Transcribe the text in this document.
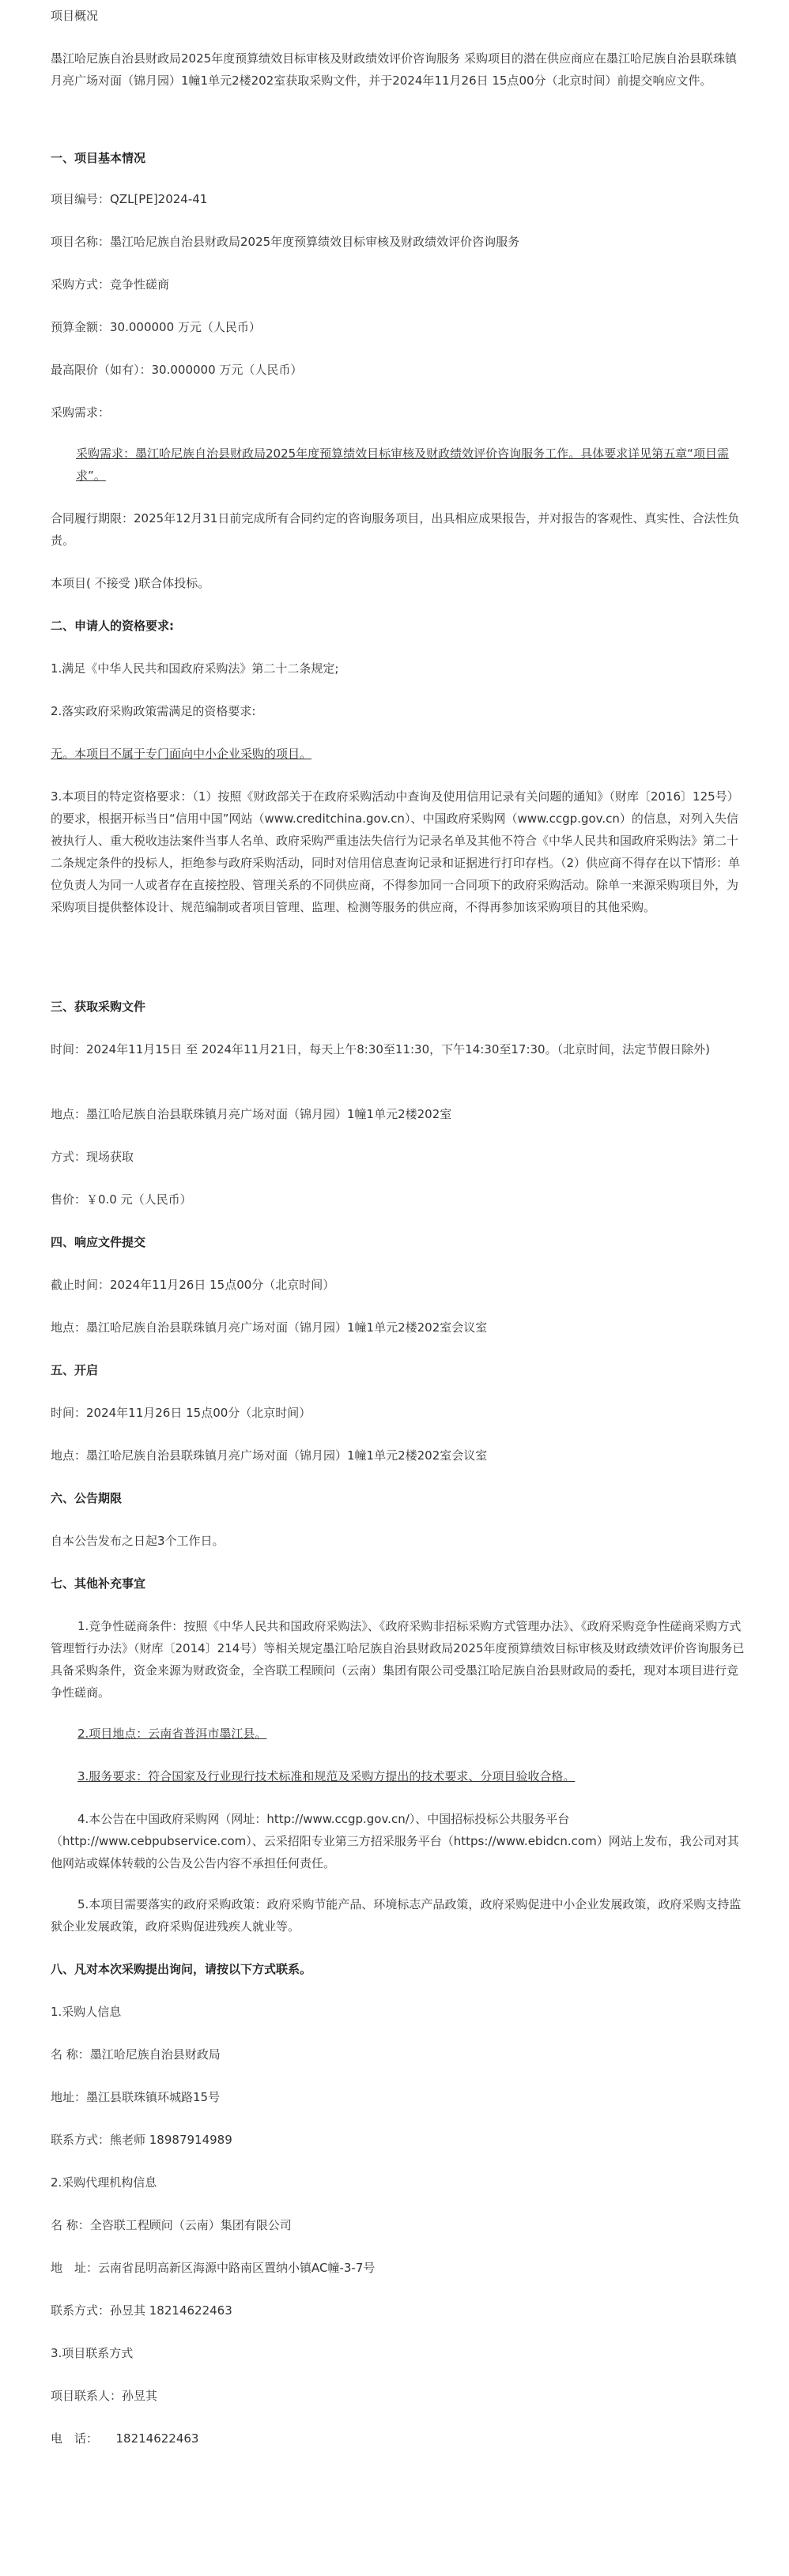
项目概况
墨江哈尼族自治县财政局2025年度预算绩效目标审核及财政绩效评价咨询服务 采购项目的潜在供应商应在墨江哈尼族自治县联珠镇月亮广场对面（锦月园）1幢1单元2楼202室获取采购文件，并于2024年11月26日 15点00分（北京时间）前提交响应文件。
一、项目基本情况
项目编号：QZL[PE]2024-41
项目名称：墨江哈尼族自治县财政局2025年度预算绩效目标审核及财政绩效评价咨询服务
采购方式：竞争性磋商
预算金额：30.000000 万元（人民币）
最高限价（如有）：30.000000 万元（人民币）
采购需求：
采购需求：墨江哈尼族自治县财政局2025年度预算绩效目标审核及财政绩效评价咨询服务工作。具体要求详见第五章“项目需求”。
合同履行期限：2025年12月31日前完成所有合同约定的咨询服务项目，出具相应成果报告，并对报告的客观性、真实性、合法性负责。
本项目( 不接受 )联合体投标。
二、申请人的资格要求:
1.满足《中华人民共和国政府采购法》第二十二条规定;
2.落实政府采购政策需满足的资格要求:
无。本项目不属于专门面向中小企业采购的项目。
3.本项目的特定资格要求：（1）按照《财政部关于在政府采购活动中查询及使用信用记录有关问题的通知》（财库〔2016〕125号）的要求，根据开标当日“信用中国”网站（www.creditchina.gov.cn）、中国政府采购网（www.ccgp.gov.cn）的信息，对列入失信被执行人、重大税收违法案件当事人名单、政府采购严重违法失信行为记录名单及其他不符合《中华人民共和国政府采购法》第二十二条规定条件的投标人，拒绝参与政府采购活动，同时对信用信息查询记录和证据进行打印存档。（2）供应商不得存在以下情形：单位负责人为同一人或者存在直接控股、管理关系的不同供应商，不得参加同一合同项下的政府采购活动。除单一来源采购项目外，为采购项目提供整体设计、规范编制或者项目管理、监理、检测等服务的供应商，不得再参加该采购项目的其他采购。
三、获取采购文件
时间：2024年11月15日 至 2024年11月21日，每天上午8:30至11:30，下午14:30至17:30。（北京时间，法定节假日除外)
地点：墨江哈尼族自治县联珠镇月亮广场对面（锦月园）1幢1单元2楼202室
方式：现场获取
售价：￥0.0 元（人民币）
四、响应文件提交
截止时间：2024年11月26日 15点00分（北京时间）
地点：墨江哈尼族自治县联珠镇月亮广场对面（锦月园）1幢1单元2楼202室会议室
五、开启
时间：2024年11月26日 15点00分（北京时间）
地点：墨江哈尼族自治县联珠镇月亮广场对面（锦月园）1幢1单元2楼202室会议室
六、公告期限
自本公告发布之日起3个工作日。
七、其他补充事宜
1.竞争性磋商条件：按照《中华人民共和国政府采购法》、《政府采购非招标采购方式管理办法》、《政府采购竞争性磋商采购方式管理暂行办法》（财库〔2014〕214号）等相关规定墨江哈尼族自治县财政局2025年度预算绩效目标审核及财政绩效评价咨询服务已具备采购条件，资金来源为财政资金，全咨联工程顾问（云南）集团有限公司受墨江哈尼族自治县财政局的委托，现对本项目进行竞争性磋商。
2.项目地点：云南省普洱市墨江县。
3.服务要求：符合国家及行业现行技术标准和规范及采购方提出的技术要求、分项目验收合格。
4.本公告在中国政府采购网（网址：http://www.ccgp.gov.cn/）、中国招标投标公共服务平台（http://www.cebpubservice.com）、云采招阳专业第三方招采服务平台（https://www.ebidcn.com）网站上发布，我公司对其他网站或媒体转载的公告及公告内容不承担任何责任。
5.本项目需要落实的政府采购政策：政府采购节能产品、环境标志产品政策，政府采购促进中小企业发展政策，政府采购支持监狱企业发展政策，政府采购促进残疾人就业等。
八、凡对本次采购提出询问，请按以下方式联系。
1.采购人信息
名 称：墨江哈尼族自治县财政局
地址：墨江县联珠镇环城路15号
联系方式：熊老师 18987914989
2.采购代理机构信息
名 称：全咨联工程顾问（云南）集团有限公司
地　址：云南省昆明高新区海源中路南区置纳小镇AC幢-3-7号
联系方式：孙昱其 18214622463
3.项目联系方式
项目联系人：孙昱其
电　话：　　18214622463
